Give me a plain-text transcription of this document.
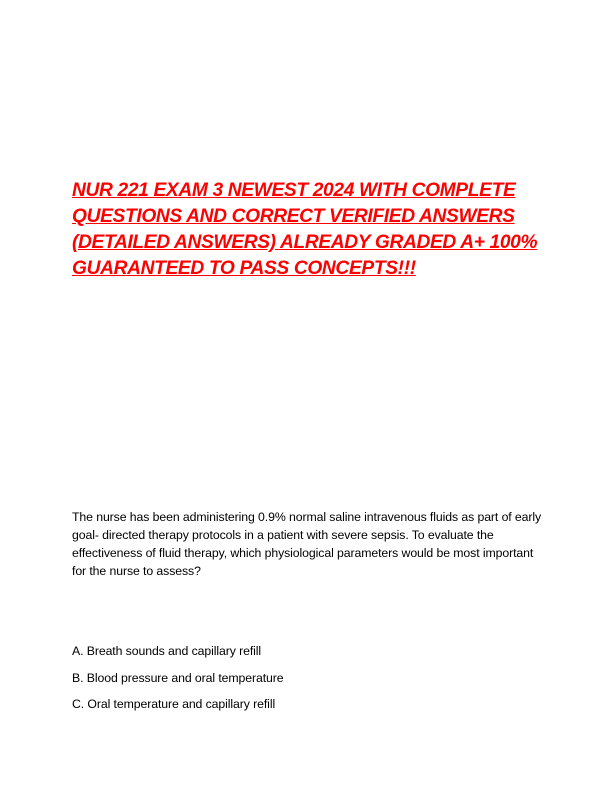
NUR 221 EXAM 3 NEWEST 2024 WITH COMPLETE QUESTIONS AND CORRECT VERIFIED ANSWERS (DETAILED ANSWERS) ALREADY GRADED A+ 100% GUARANTEED TO PASS CONCEPTS!!!

The nurse has been administering 0.9% normal saline intravenous fluids as part of early goal- directed therapy protocols in a patient with severe sepsis. To evaluate the effectiveness of fluid therapy, which physiological parameters would be most important for the nurse to assess?

A. Breath sounds and capillary refill
B. Blood pressure and oral temperature
C. Oral temperature and capillary refill
